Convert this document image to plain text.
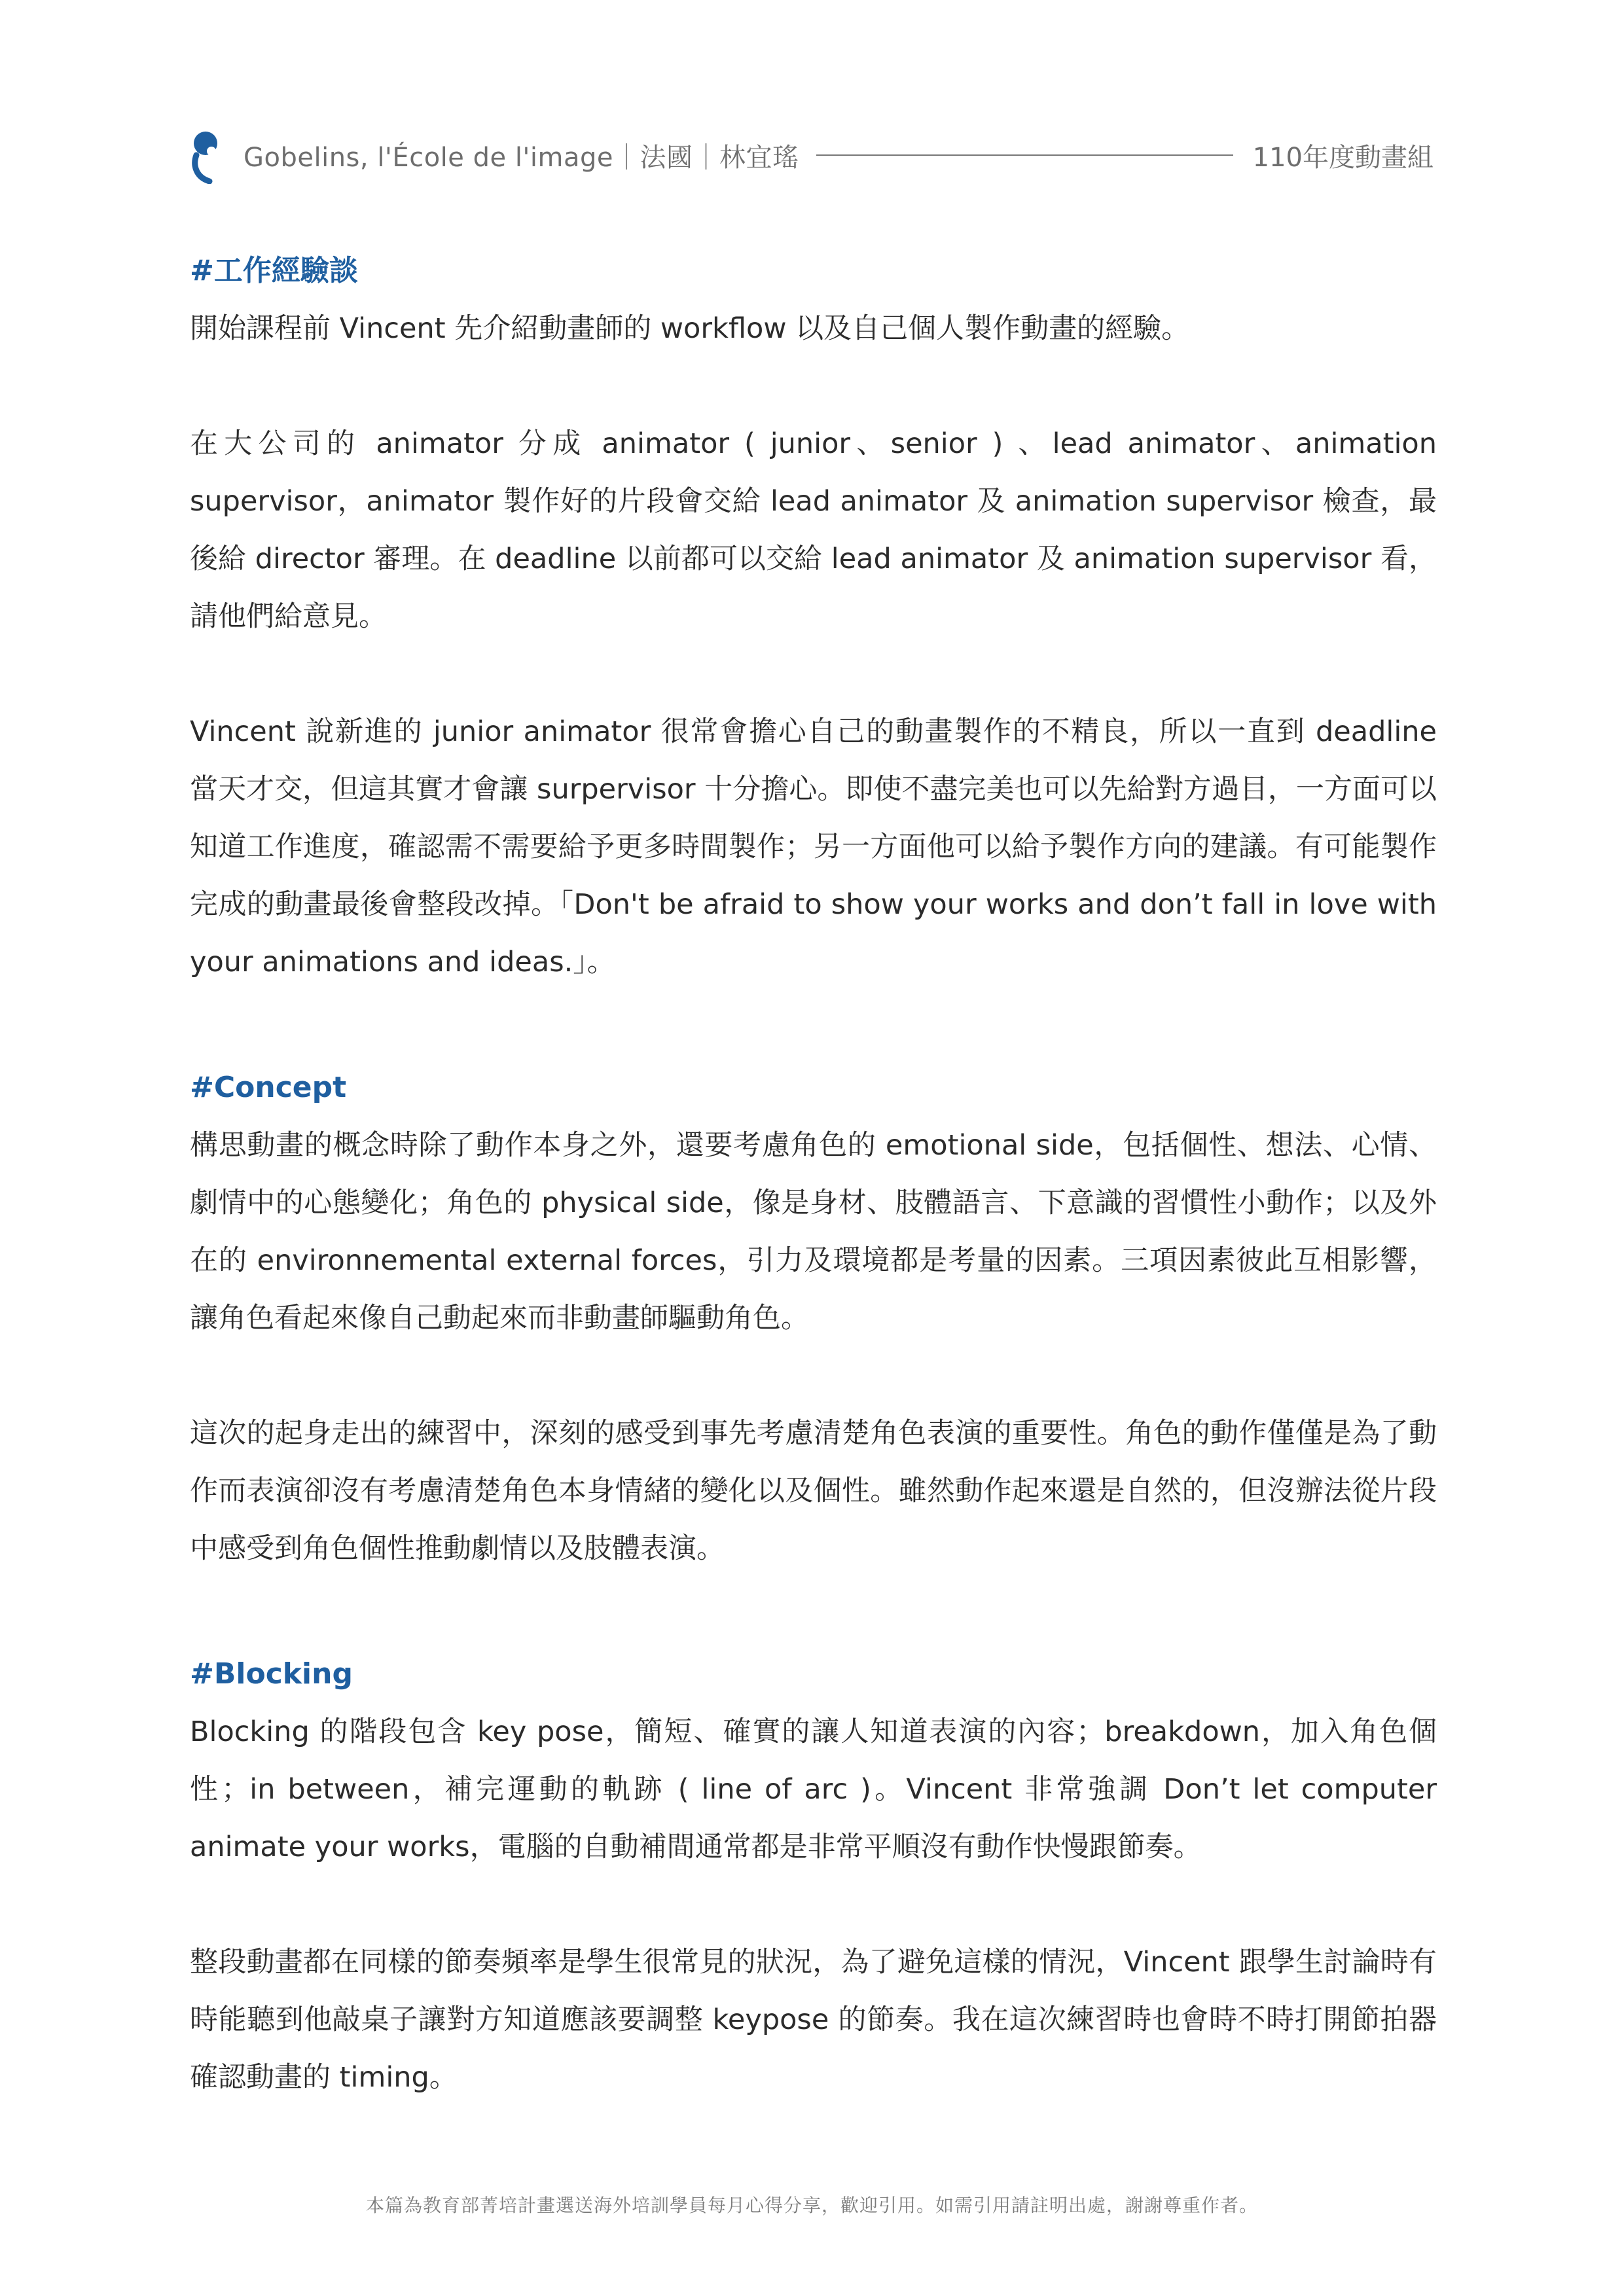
Gobelins, l'École de l'image｜法國｜林宜瑤	110年度動畫組
#工作經驗談

開始課程前 Vincent 先介紹動畫師的 workflow 以及自己個人製作動畫的經驗。

在大公司的 animator 分成 animator ( junior、senior ) 、lead animator、animation supervisor，animator 製作好的片段會交給 lead animator 及 animation supervisor 檢查，最後給 director 審理。在 deadline 以前都可以交給 lead animator 及 animation supervisor 看，請他們給意見。

Vincent 說新進的 junior animator 很常會擔心自己的動畫製作的不精良，所以一直到 deadline 當天才交，但這其實才會讓 surpervisor 十分擔心。即使不盡完美也可以先給對方過目，一方面可以知道工作進度，確認需不需要給予更多時間製作；另一方面他可以給予製作方向的建議。有可能製作完成的動畫最後會整段改掉。「Don't be afraid to show your works and don’t fall in love with your animations and ideas.」。

#Concept

構思動畫的概念時除了動作本身之外，還要考慮角色的 emotional side，包括個性、想法、心情、劇情中的心態變化；角色的 physical side，像是身材、肢體語言、下意識的習慣性小動作；以及外在的 environnemental external forces，引力及環境都是考量的因素。三項因素彼此互相影響，讓角色看起來像自己動起來而非動畫師驅動角色。

這次的起身走出的練習中，深刻的感受到事先考慮清楚角色表演的重要性。角色的動作僅僅是為了動作而表演卻沒有考慮清楚角色本身情緒的變化以及個性。雖然動作起來還是自然的，但沒辦法從片段中感受到角色個性推動劇情以及肢體表演。

#Blocking

Blocking 的階段包含 key pose，簡短、確實的讓人知道表演的內容；breakdown，加入角色個性；in between，補完運動的軌跡 ( line of arc )。Vincent 非常強調 Don’t let computer animate your works，電腦的自動補間通常都是非常平順沒有動作快慢跟節奏。

整段動畫都在同樣的節奏頻率是學生很常見的狀況，為了避免這樣的情況，Vincent 跟學生討論時有時能聽到他敲桌子讓對方知道應該要調整 keypose 的節奏。我在這次練習時也會時不時打開節拍器確認動畫的 timing。

本篇為教育部菁培計畫選送海外培訓學員每月心得分享，歡迎引用。如需引用請註明出處，謝謝尊重作者。
